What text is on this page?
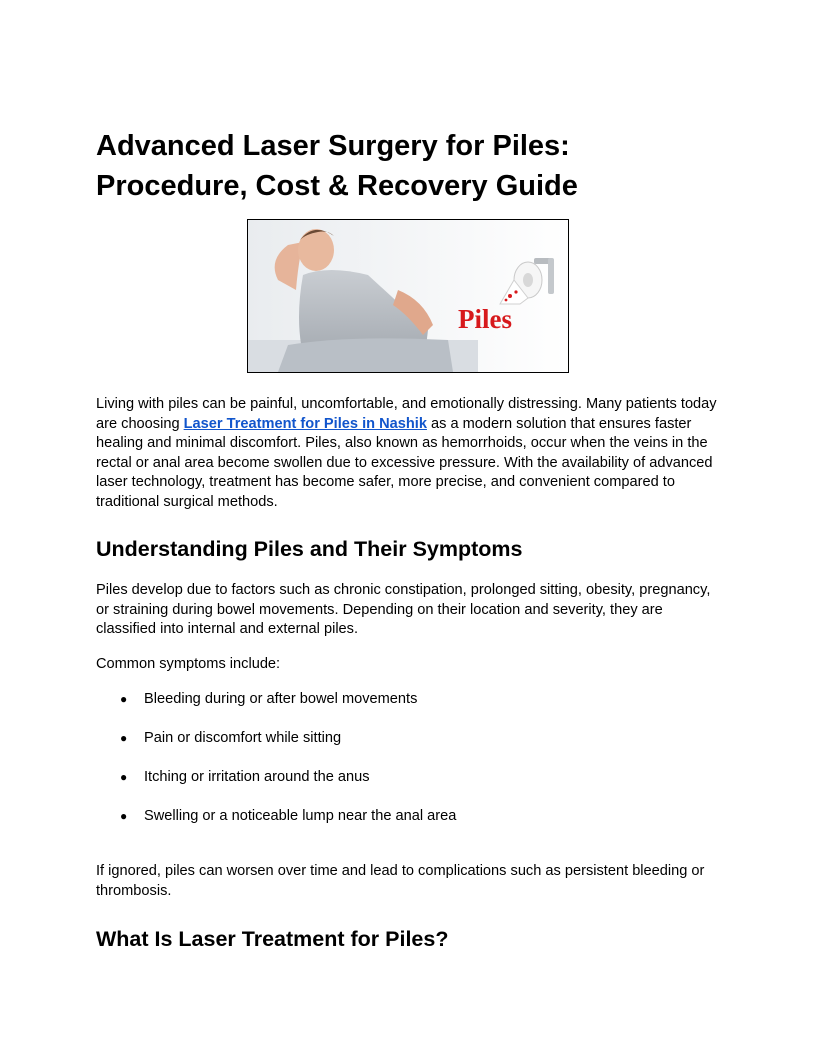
Advanced Laser Surgery for Piles: Procedure, Cost & Recovery Guide
Piles

Living with piles can be painful, uncomfortable, and emotionally distressing. Many patients today are choosing Laser Treatment for Piles in Nashik as a modern solution that ensures faster healing and minimal discomfort. Piles, also known as hemorrhoids, occur when the veins in the rectal or anal area become swollen due to excessive pressure. With the availability of advanced laser technology, treatment has become safer, more precise, and convenient compared to traditional surgical methods.

Understanding Piles and Their Symptoms

Piles develop due to factors such as chronic constipation, prolonged sitting, obesity, pregnancy, or straining during bowel movements. Depending on their location and severity, they are classified into internal and external piles.

Common symptoms include:

● Bleeding during or after bowel movements
● Pain or discomfort while sitting
● Itching or irritation around the anus
● Swelling or a noticeable lump near the anal area

If ignored, piles can worsen over time and lead to complications such as persistent bleeding or thrombosis.

What Is Laser Treatment for Piles?
